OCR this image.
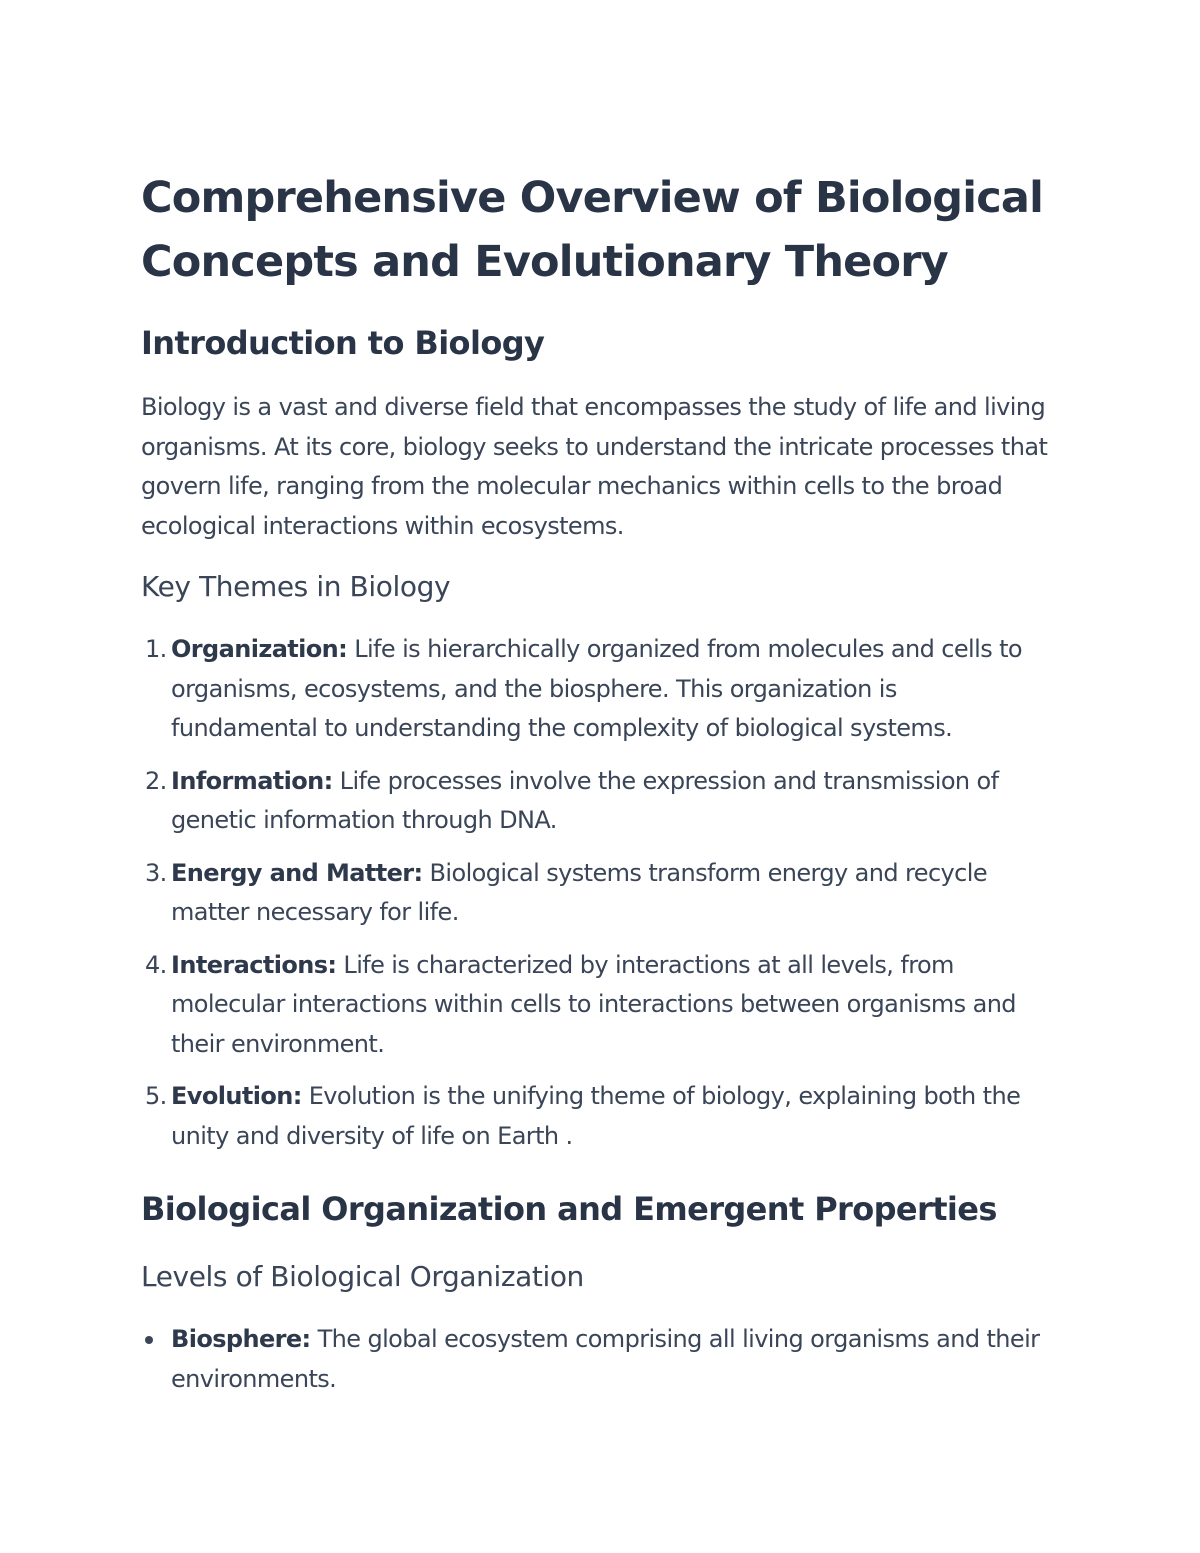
Comprehensive Overview of Biological Concepts and Evolutionary Theory
Introduction to Biology

Biology is a vast and diverse field that encompasses the study of life and living organisms. At its core, biology seeks to understand the intricate processes that govern life, ranging from the molecular mechanics within cells to the broad ecological interactions within ecosystems.

Key Themes in Biology
1. Organization: Life is hierarchically organized from molecules and cells to organisms, ecosystems, and the biosphere. This organization is fundamental to understanding the complexity of biological systems.
2. Information: Life processes involve the expression and transmission of genetic information through DNA.
3. Energy and Matter: Biological systems transform energy and recycle matter necessary for life.
4. Interactions: Life is characterized by interactions at all levels, from molecular interactions within cells to interactions between organisms and their environment.
5. Evolution: Evolution is the unifying theme of biology, explaining both the unity and diversity of life on Earth .
Biological Organization and Emergent Properties
Levels of Biological Organization
Biosphere: The global ecosystem comprising all living organisms and their environments.
